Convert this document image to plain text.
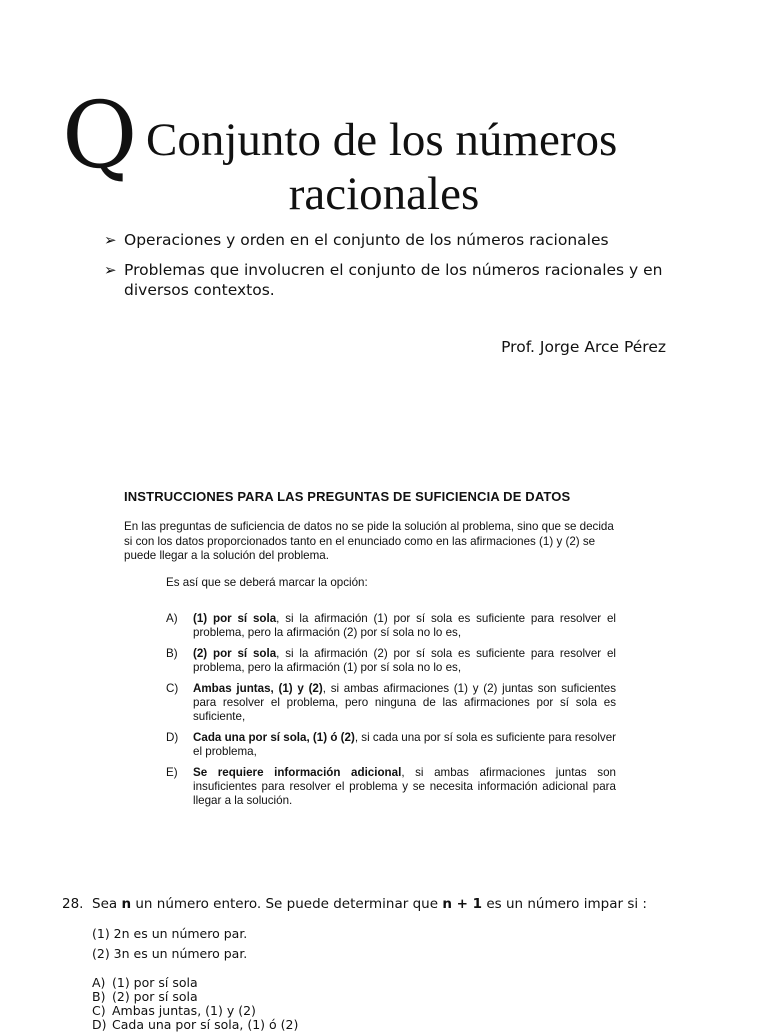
Q Conjunto de los números
racionales
➢ Operaciones y orden en el conjunto de los números racionales
➢ Problemas que involucren el conjunto de los números racionales y en diversos contextos.
Prof. Jorge Arce Pérez
INSTRUCCIONES PARA LAS PREGUNTAS DE SUFICIENCIA DE DATOS
En las preguntas de suficiencia de datos no se pide la solución al problema, sino que se decida si con los datos proporcionados tanto en el enunciado como en las afirmaciones (1) y (2) se puede llegar a la solución del problema.
Es así que se deberá marcar la opción:
A)	(1) por sí sola, si la afirmación (1) por sí sola es suficiente para resolver el problema, pero la afirmación (2) por sí sola no lo es,
B)	(2) por sí sola, si la afirmación (2) por sí sola es suficiente para resolver el problema, pero la afirmación (1) por sí sola no lo es,
C)	Ambas juntas, (1) y (2), si ambas afirmaciones (1) y (2) juntas son suficientes para resolver el problema, pero ninguna de las afirmaciones por sí sola es suficiente,
D)	Cada una por sí sola, (1) ó (2), si cada una por sí sola es suficiente para resolver el problema,
E)	Se requiere información adicional, si ambas afirmaciones juntas son insuficientes para resolver el problema y se necesita información adicional para llegar a la solución.
28. Sea n un número entero. Se puede determinar que n + 1 es un número impar si :
(1) 2n es un número par.
(2) 3n es un número par.
A) (1) por sí sola
B) (2) por sí sola
C) Ambas juntas, (1) y (2)
D) Cada una por sí sola, (1) ó (2)
